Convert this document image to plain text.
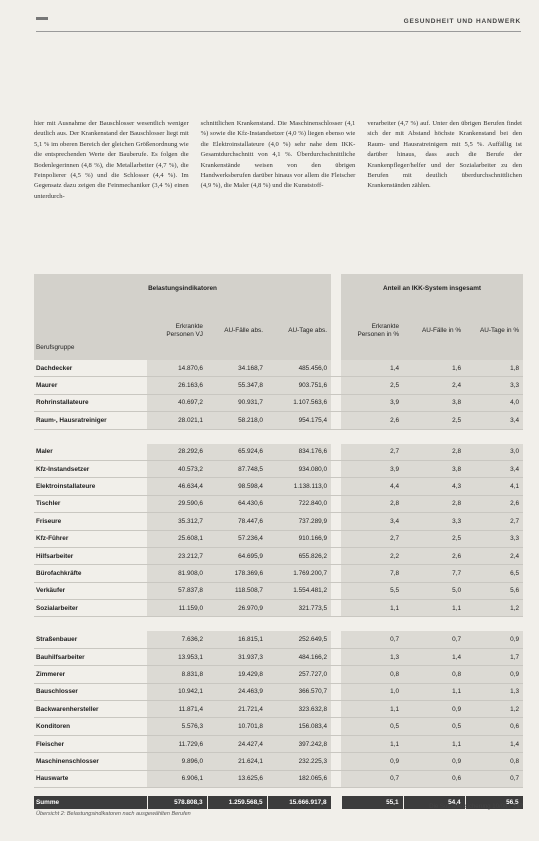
GESUNDHEIT UND HANDWERK
hier mit Ausnahme der Bauschlosser wesentlich weniger deutlich aus. Der Krankenstand der Bauschlosser liegt mit 5,1 % im oberen Bereich der gleichen Größenordnung wie die entsprechenden Werte der Bauberufe. Es folgen die Bodenlegerinnen (4,8 %), die Metallarbeiter (4,7 %), die Feinpolierer (4,5 %) und die Schlosser (4,4 %). Im Gegensatz dazu zeigen die Feinmechaniker (3,4 %) einen unterdurch-
schnittlichen Krankenstand. Die Maschinenschlosser (4,1 %) sowie die Kfz-Instandsetzer (4,0 %) liegen ebenso wie die Elektroinstallateure (4,0 %) sehr nahe dem IKK-Gesamtdurchschnitt von 4,1 %. Überdurchschnittliche Krankenstände weisen von den übrigen Handwerksberufen darüber hinaus vor allem die Fleischer (4,9 %), die Maler (4,8 %) und die Kunststoff-
verarbeiter (4,7 %) auf. Unter den übrigen Berufen findet sich der mit Abstand höchste Krankenstand bei den Raum- und Hausratreinigern mit 5,5 %. Auffällig ist darüber hinaus, dass auch die Berufe der Krankenpfleger/helfer und der Sozialarbeiter zu den Berufen mit deutlich überdurchschnittlichen Krankenständen zählen.
Belastungsindikatoren					Anteil an IKK-System insgesamt		
Berufsgruppe	Erkrankte Personen VJ	AU-Fälle abs.	AU-Tage abs.		Erkrankte Personen in %	AU-Fälle in %	AU-Tage in %
Dachdecker	14.870,6	34.168,7	485.456,0		1,4	1,6	1,8
Maurer	26.163,6	55.347,8	903.751,6		2,5	2,4	3,3
Rohrinstallateure	40.697,2	90.931,7	1.107.563,6		3,9	3,8	4,0
Raum-, Hausratreiniger	28.021,1	58.218,0	954.175,4		2,6	2,5	3,4

Maler	28.292,6	65.924,6	834.176,6		2,7	2,8	3,0
Kfz-Instandsetzer	40.573,2	87.748,5	934.080,0		3,9	3,8	3,4
Elektroinstallateure	46.634,4	98.598,4	1.138.113,0		4,4	4,3	4,1
Tischler	29.590,6	64.430,6	722.840,0		2,8	2,8	2,6
Friseure	35.312,7	78.447,6	737.289,9		3,4	3,3	2,7
Kfz-Führer	25.608,1	57.236,4	910.166,9		2,7	2,5	3,3
Hilfsarbeiter	23.212,7	64.695,9	655.826,2		2,2	2,6	2,4
Bürofachkräfte	81.908,0	178.369,6	1.769.200,7		7,8	7,7	6,5
Verkäufer	57.837,8	118.508,7	1.554.481,2		5,5	5,0	5,6
Sozialarbeiter	11.159,0	26.970,9	321.773,5		1,1	1,1	1,2

Straßenbauer	7.636,2	16.815,1	252.649,5		0,7	0,7	0,9
Bauhilfsarbeiter	13.953,1	31.937,3	484.166,2		1,3	1,4	1,7
Zimmerer	8.831,8	19.429,8	257.727,0		0,8	0,8	0,9
Bauschlosser	10.942,1	24.463,9	366.570,7		1,0	1,1	1,3
Backwarenhersteller	11.871,4	21.721,4	323.632,8		1,1	0,9	1,2
Konditoren	5.576,3	10.701,8	156.083,4		0,5	0,5	0,6
Fleischer	11.729,6	24.427,4	397.242,8		1,1	1,1	1,4
Maschinenschlosser	9.896,0	21.624,1	232.225,3		0,9	0,9	0,8
Hauswarte	6.906,1	13.625,6	182.065,6		0,7	0,6	0,7

Summe	578.808,3	1.259.568,5	15.666.917,8		55,1	54,4	56,5
Übersicht 2: Belastungsindikatoren nach ausgewählten Berufen
Die Sozialversicherung 10/08 287
